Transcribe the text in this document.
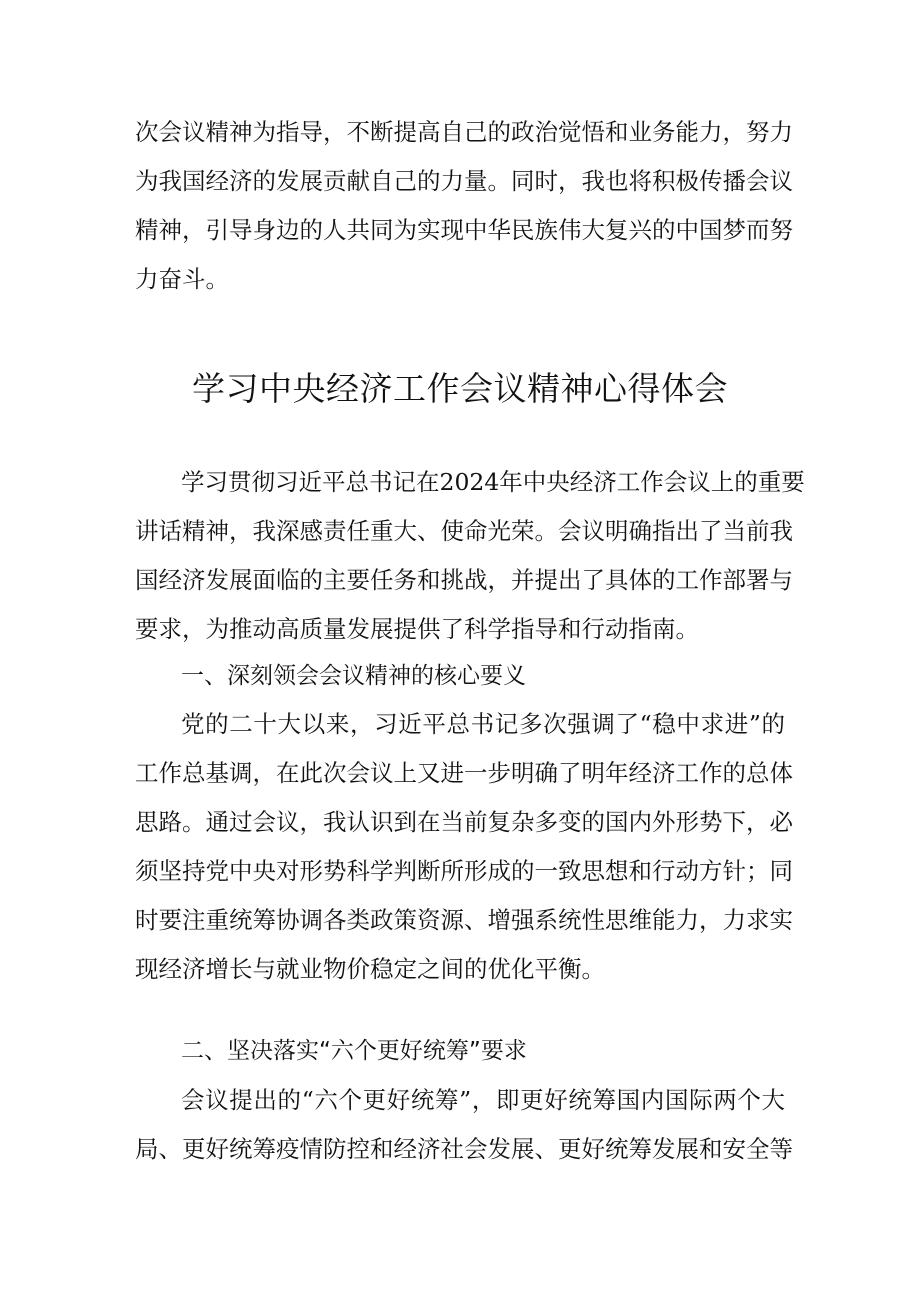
次会议精神为指导，不断提高自己的政治觉悟和业务能力，努力
为我国经济的发展贡献自己的力量。同时，我也将积极传播会议
精神，引导身边的人共同为实现中华民族伟大复兴的中国梦而努
力奋斗。
学习中央经济工作会议精神心得体会
学习贯彻习近平总书记在2024年中央经济工作会议上的重要
讲话精神，我深感责任重大、使命光荣。会议明确指出了当前我
国经济发展面临的主要任务和挑战，并提出了具体的工作部署与
要求，为推动高质量发展提供了科学指导和行动指南。
一、深刻领会会议精神的核心要义
党的二十大以来，习近平总书记多次强调了“稳中求进”的
工作总基调，在此次会议上又进一步明确了明年经济工作的总体
思路。通过会议，我认识到在当前复杂多变的国内外形势下，必
须坚持党中央对形势科学判断所形成的一致思想和行动方针；同
时要注重统筹协调各类政策资源、增强系统性思维能力，力求实
现经济增长与就业物价稳定之间的优化平衡。
二、坚决落实“六个更好统筹”要求
会议提出的“六个更好统筹”，即更好统筹国内国际两个大
局、更好统筹疫情防控和经济社会发展、更好统筹发展和安全等
